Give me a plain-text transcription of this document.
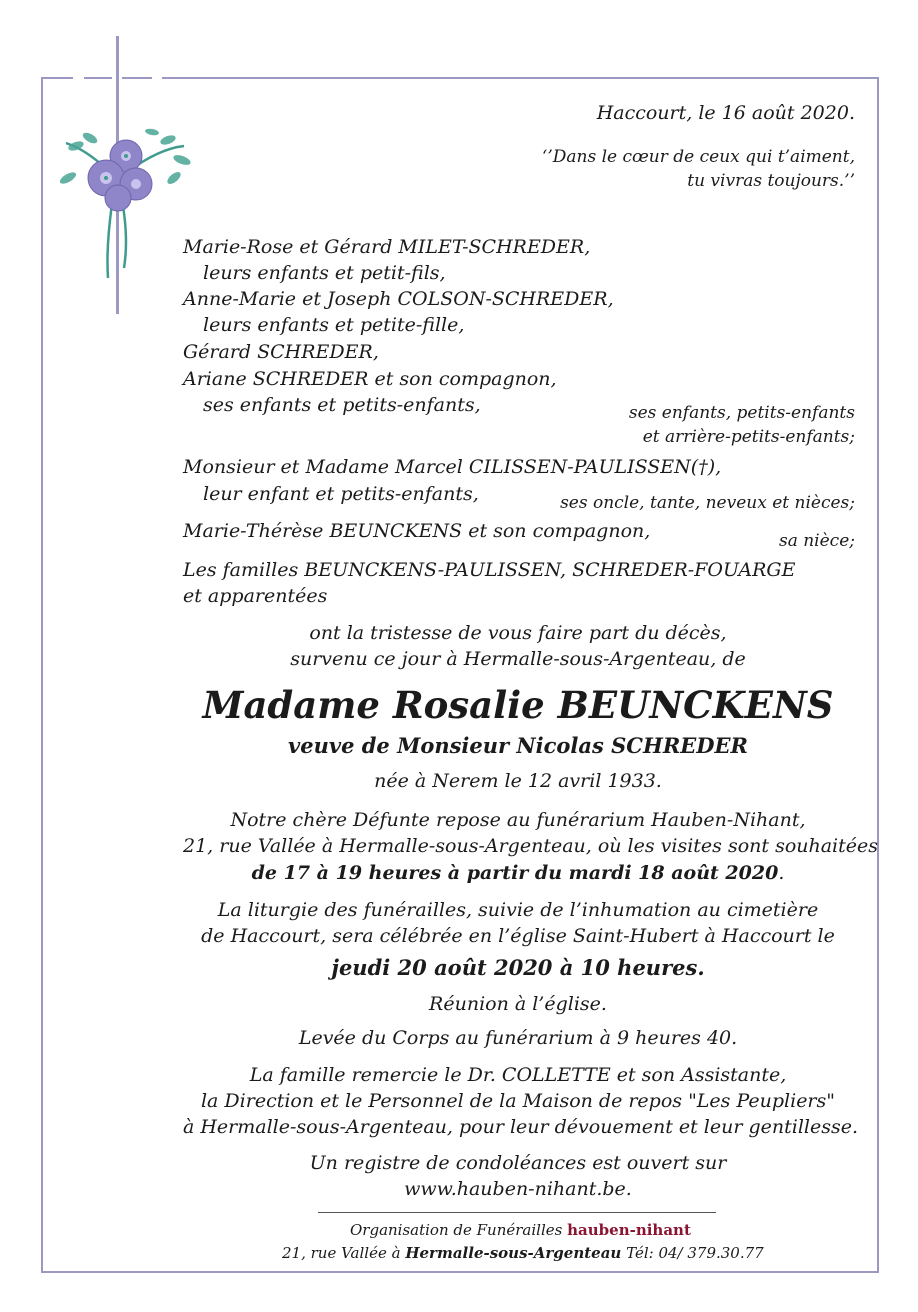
Haccourt, le 16 août 2020.
‘’Dans le cœur de ceux qui t’aiment,
tu vivras toujours.’’
Marie-Rose et Gérard MILET-SCHREDER,
leurs enfants et petit-fils,
Anne-Marie et Joseph COLSON-SCHREDER,
leurs enfants et petite-fille,
Gérard SCHREDER,
Ariane SCHREDER et son compagnon,
ses enfants et petits-enfants,	ses enfants, petits-enfants
et arrière-petits-enfants;
Monsieur et Madame Marcel CILISSEN-PAULISSEN(†),
leur enfant et petits-enfants,	ses oncle, tante, neveux et nièces;
Marie-Thérèse BEUNCKENS et son compagnon,	sa nièce;
Les familles BEUNCKENS-PAULISSEN, SCHREDER-FOUARGE
et apparentées
ont la tristesse de vous faire part du décès,
survenu ce jour à Hermalle-sous-Argenteau, de
Madame Rosalie BEUNCKENS
veuve de Monsieur Nicolas SCHREDER
née à Nerem le 12 avril 1933.
Notre chère Défunte repose au funérarium Hauben-Nihant,
21, rue Vallée à Hermalle-sous-Argenteau, où les visites sont souhaitées
de 17 à 19 heures à partir du mardi 18 août 2020.
La liturgie des funérailles, suivie de l’inhumation au cimetière
de Haccourt, sera célébrée en l’église Saint-Hubert à Haccourt le
jeudi 20 août 2020 à 10 heures.
Réunion à l’église.
Levée du Corps au funérarium à 9 heures 40.
La famille remercie le Dr. COLLETTE et son Assistante,
la Direction et le Personnel de la Maison de repos "Les Peupliers"
à Hermalle-sous-Argenteau, pour leur dévouement et leur gentillesse.
Un registre de condoléances est ouvert sur
www.hauben-nihant.be.
Organisation de Funérailles hauben-nihant
21, rue Vallée à Hermalle-sous-Argenteau Tél: 04/ 379.30.77
